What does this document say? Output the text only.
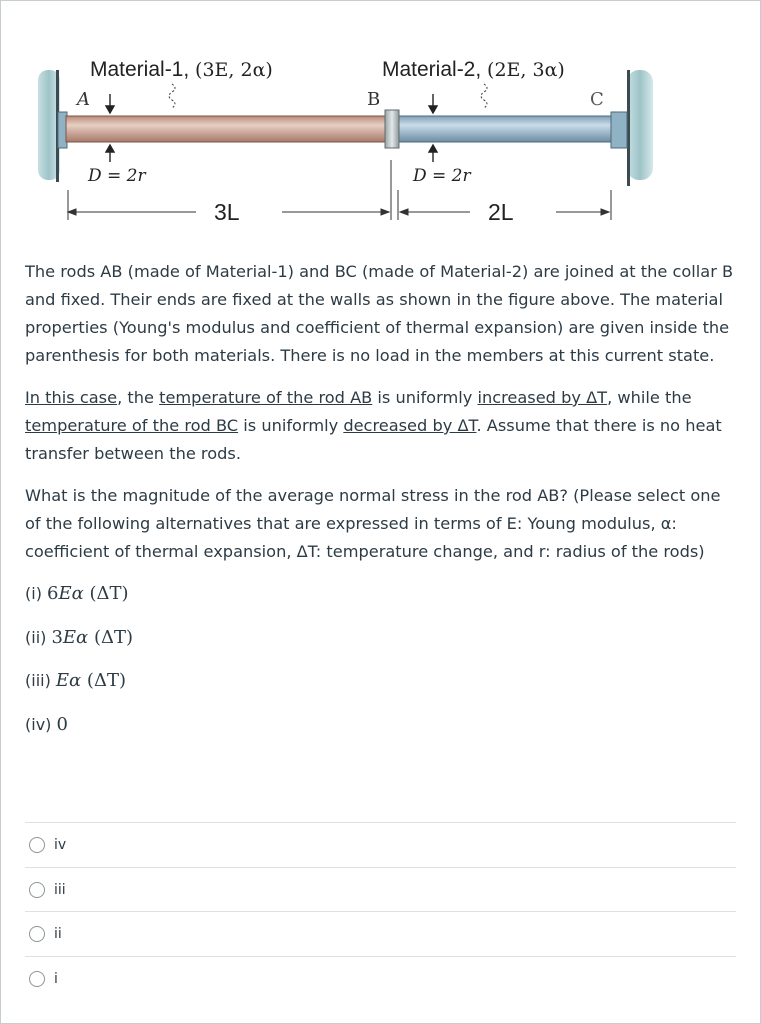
Material-1, (3E, 2α)	Material-2, (2E, 3α)
A	B	C
D = 2r	D = 2r
3L	2L

The rods AB (made of Material-1) and BC (made of Material-2) are joined at the collar B and fixed. Their ends are fixed at the walls as shown in the figure above. The material properties (Young's modulus and coefficient of thermal expansion) are given inside the parenthesis for both materials. There is no load in the members at this current state.

In this case, the temperature of the rod AB is uniformly increased by ΔT, while the temperature of the rod BC is uniformly decreased by ΔT. Assume that there is no heat transfer between the rods.

What is the magnitude of the average normal stress in the rod AB? (Please select one of the following alternatives that are expressed in terms of E: Young modulus, α: coefficient of thermal expansion, ΔT: temperature change, and r: radius of the rods)

(i) 6Eα (ΔT)
(ii) 3Eα (ΔT)
(iii) Eα (ΔT)
(iv) 0
iv
iii
ii
i
